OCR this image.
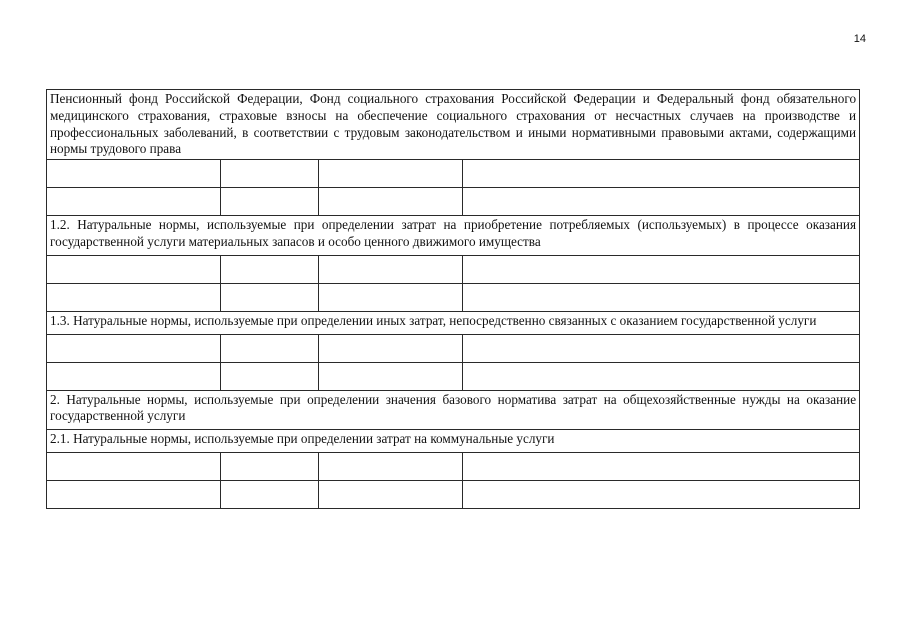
14
Пенсионный фонд Российской Федерации, Фонд социального страхования Российской Федерации и Федеральный фонд обязательного медицинского страхования, страховые взносы на обеспечение социального страхования от несчастных случаев на производстве и профессиональных заболеваний, в соответствии с трудовым законодательством и иными нормативными правовыми актами, содержащими нормы трудового права			

1.2. Натуральные нормы, используемые при определении затрат на приобретение потребляемых (используемых) в процессе оказания государственной услуги материальных запасов и особо ценного движимого имущества			

1.3. Натуральные нормы, используемые при определении иных затрат, непосредственно связанных с оказанием государственной услуги			

2. Натуральные нормы, используемые при определении значения базового норматива затрат на общехозяйственные нужды на оказание государственной услуги			
2.1. Натуральные нормы, используемые при определении затрат на коммунальные услуги			
